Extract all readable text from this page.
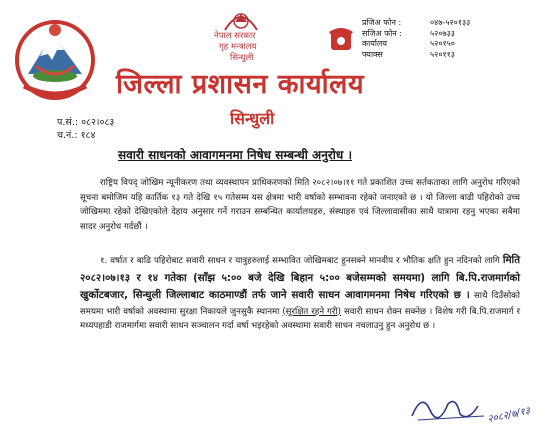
नेपाल सरकार
गृह मन्त्रालय
सिन्धुली
प्रजिअ फोन :	०४७-५२०१३३
सजिअ फोन :	५२०७३३
कार्यालय	५२०१५०
फ्याक्स	५२०११३
जिल्ला प्रशासन कार्यालय
सिन्धुली
प.सं.: ०८२।०८३
च.नं.: १८४
सवारी साधनको आवागमनमा निषेध सम्बन्धी अनुरोध ।

राष्ट्रिय विपद् जोखिम न्यूनीकरण तथा व्यवस्थापन प्राधिकरणको मिति २०८२।०७।११ गते प्रकाशित उच्च सर्तकताका लागि अनुरोध गरिएको सूचना बमोजिम यहि कार्तिक १३ गते देखि १५ गतेसम्म यस क्षेत्रमा भारी वर्षाको सम्भावना रहेको जनाएको छ । यो जिल्ला बाढी पहिरोको उच्च जोखिममा रहेको देखिएकोले देहाय अनुसार गर्ने गराउन सम्बन्धित कार्यालयहरु, संस्थाहरु एवं जिल्लावासीका साथै यात्रामा रहनु भएका सबैमा सादर अनुरोध गर्दछौं ।

१. वर्षात र बाढि पहिरोबाट सवारी साधन र यात्रुहरुलाई सम्भावित जोखिमबाट हुनसक्ने मानवीय र भौतिक क्षति हुन नदिनको लागि मिति २०८२।०७।१३ र १४ गतेका (साँझ ५:०० बजे देखि बिहान ५:०० बजेसम्मको समयमा) लागि बि.पि.राजमार्गको खुर्कोटबजार, सिन्धुली जिल्लाबाट काठमाण्डौं तर्फ जाने सवारी साधन आवागमनमा निषेध गरिएको छ । साथै दिउँसोको समयमा भारी वर्षाको अवस्थामा सुरक्षा निकायले जुनसुकै स्थानमा (सुरक्षित रहने गरी) सवारी साधन रोक्न सक्नेछ । विशेष गरी बि.पि.राजमार्ग र मध्यपहाडी राजमार्गमा सवारी साधन सञ्चालन गर्दा वर्षा भइरहेको अवस्थामा सवारी साधन नचलाउनु हुन अनुरोध छ ।

२०८२/७/१३
